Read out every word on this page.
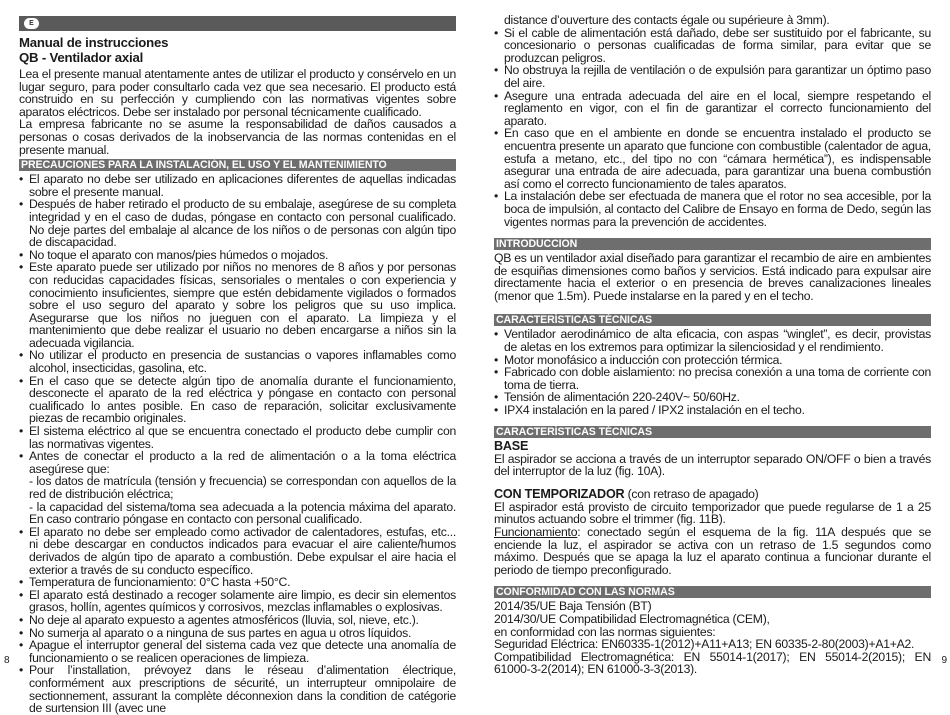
E
Manual de instrucciones
QB - Ventilador axial
Lea el presente manual atentamente antes de utilizar el producto y consérvelo en un lugar seguro, para poder consultarlo cada vez que sea necesario. El producto está construido en su perfección y cumpliendo con las normativas vigentes sobre aparatos eléctricos. Debe ser instalado por personal técnicamente cualificado.
La empresa fabricante no se asume la responsabilidad de daños causados a personas o cosas derivados de la inobservancia de las normas contenidas en el presente manual.
PRECAUCIONES PARA LA INSTALACIÓN, EL USO Y EL MANTENIMIENTO
• El aparato no debe ser utilizado en aplicaciones diferentes de aquellas indicadas sobre el presente manual.
• Después de haber retirado el producto de su embalaje, asegúrese de su completa integridad y en el caso de dudas, póngase en contacto con personal cualificado. No deje partes del embalaje al alcance de los niños o de personas con algún tipo de discapacidad.
• No toque el aparato con manos/pies húmedos o mojados.
• Este aparato puede ser utilizado por niños no menores de 8 años y por personas con reducidas capacidades físicas, sensoriales o mentales o con experiencia y conocimiento insuficientes, siempre que estén debidamente vigilados o formados sobre el uso seguro del aparato y sobre los peligros que su uso implica. Asegurarse que los niños no jueguen con el aparato. La limpieza y el mantenimiento que debe realizar el usuario no deben encargarse a niños sin la adecuada vigilancia.
• No utilizar el producto en presencia de sustancias o vapores inflamables como alcohol, insecticidas, gasolina, etc.
• En el caso que se detecte algún tipo de anomalía durante el funcionamiento, desconecte el aparato de la red eléctrica y póngase en contacto con personal cualificado lo antes posible. En caso de reparación, solicitar exclusivamente piezas de recambio originales.
• El sistema eléctrico al que se encuentra conectado el producto debe cumplir con las normativas vigentes.
• Antes de conectar el producto a la red de alimentación o a la toma eléctrica asegúrese que:
- los datos de matrícula (tensión y frecuencia) se correspondan con aquellos de la red de distribución eléctrica;
- la capacidad del sistema/toma sea adecuada a la potencia máxima del aparato. En caso contrario póngase en contacto con personal cualificado.
• El aparato no debe ser empleado como activador de calentadores, estufas, etc... ni debe descargar en conductos indicados para evacuar el aire caliente/humos derivados de algún tipo de aparato a combustión. Debe expulsar el aire hacia el exterior a través de su conducto específico.
• Temperatura de funcionamiento: 0°C hasta +50°C.
• El aparato está destinado a recoger solamente aire limpio, es decir sin elementos grasos, hollín, agentes químicos y corrosivos, mezclas inflamables o explosivas.
• No deje al aparato expuesto a agentes atmosféricos (lluvia, sol, nieve, etc.).
• No sumerja al aparato o a ninguna de sus partes en agua u otros líquidos.
• Apague el interruptor general del sistema cada vez que detecte una anomalía de funcionamiento o se realicen operaciones de limpieza.
• Pour l’installation, prévoyez dans le réseau d’alimentation électrique, conformément aux prescriptions de sécurité, un interrupteur omnipolaire de sectionnement, assurant la complète déconnexion dans la condition de catégorie de surtension III (avec une
distance d’ouverture des contacts égale ou supérieure à 3mm).
• Si el cable de alimentación está dañado, debe ser sustituido por el fabricante, su concesionario o personas cualificadas de forma similar, para evitar que se produzcan peligros.
• No obstruya la rejilla de ventilación o de expulsión para garantizar un óptimo paso del aire.
• Asegure una entrada adecuada del aire en el local, siempre respetando el reglamento en vigor, con el fin de garantizar el correcto funcionamiento del aparato.
• En caso que en el ambiente en donde se encuentra instalado el producto se encuentra presente un aparato que funcione con combustible (calentador de agua, estufa a metano, etc., del tipo no con “cámara hermética”), es indispensable asegurar una entrada de aire adecuada, para garantizar una buena combustión así como el correcto funcionamiento de tales aparatos.
• La instalación debe ser efectuada de manera que el rotor no sea accesible, por la boca de impulsión, al contacto del Calibre de Ensayo en forma de Dedo, según las vigentes normas para la prevención de accidentes.
INTRODUCCION
QB es un ventilador axial diseñado para garantizar el recambio de aire en ambientes de esquiñas dimensiones como baños y servicios. Está indicado para expulsar aire directamente hacia el exterior o en presencia de breves canalizaciones lineales (menor que 1.5m). Puede instalarse en la pared y en el techo.
CARACTERÍSTICAS TÉCNICAS
• Ventilador aerodinámico de alta eficacia, con aspas “winglet”, es decir, provistas de aletas en los extremos para optimizar la silenciosidad y el rendimiento.
• Motor monofásico a inducción con protección térmica.
• Fabricado con doble aislamiento: no precisa conexión a una toma de corriente con toma de tierra.
• Tensión de alimentación 220-240V~ 50/60Hz.
• IPX4 instalación en la pared / IPX2 instalación en el techo.
CARACTERÍSTICAS TÉCNICAS
BASE
El aspirador se acciona a través de un interruptor separado ON/OFF o bien a través del interruptor de la luz (fig. 10A).
CON TEMPORIZADOR (con retraso de apagado)
El aspirador está provisto de circuito temporizador que puede regularse de 1 a 25 minutos actuando sobre el trimmer (fig. 11B).
Funcionamiento: conectado según el esquema de la fig. 11A después que se enciende la luz, el aspirador se activa con un retraso de 1.5 segundos como máximo. Después que se apaga la luz el aparato continua a funcionar durante el periodo de tiempo preconfigurado.
CONFORMIDAD CON LAS NORMAS
2014/35/UE Baja Tensión (BT)
2014/30/UE Compatibilidad Electromagnética (CEM),
en conformidad con las normas siguientes:
Seguridad Eléctrica: EN60335-1(2012)+A11+A13; EN 60335-2-80(2003)+A1+A2.
Compatibilidad Electromagnética: EN 55014-1(2017); EN 55014-2(2015); EN 61000-3-2(2014); EN 61000-3-3(2013).
8	9
